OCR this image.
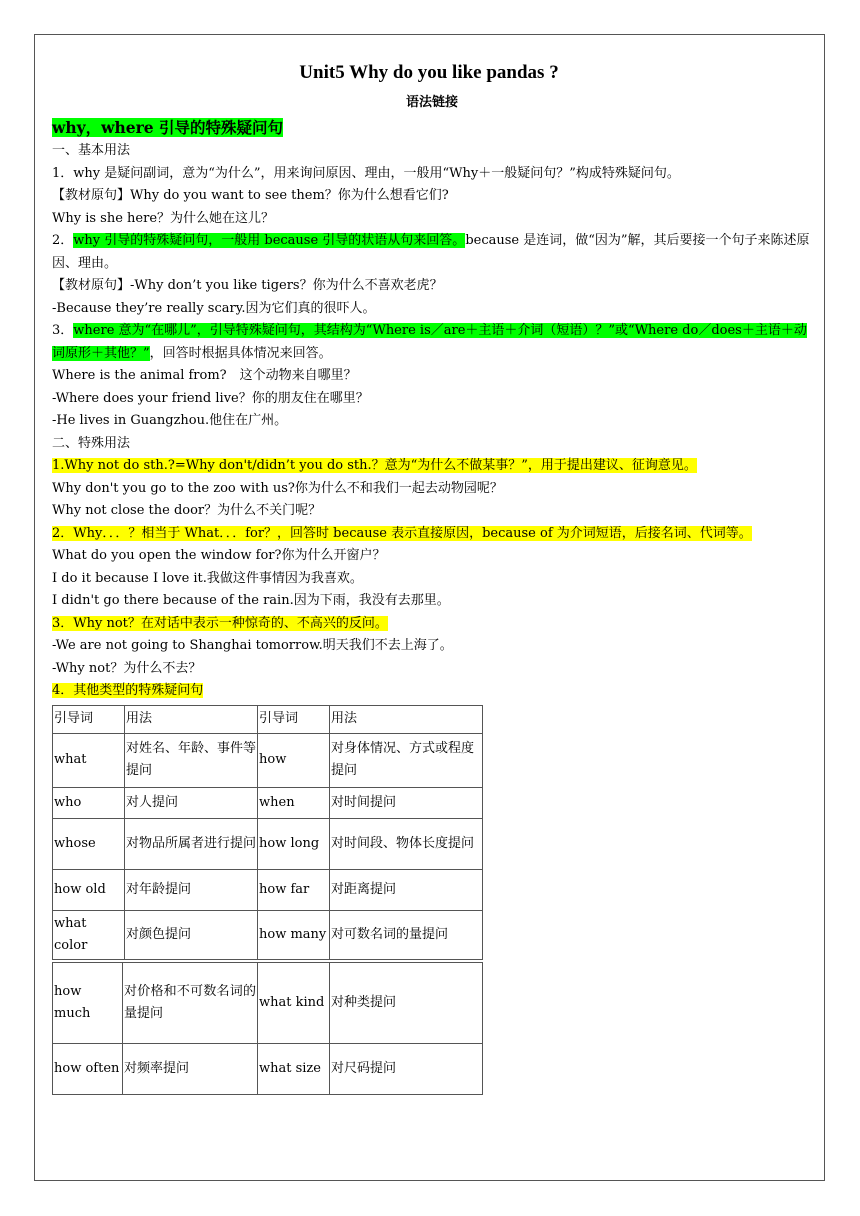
Unit5 Why do you like pandas ?
语法链接
why，where 引导的特殊疑问句
一、基本用法
1．why 是疑问副词，意为“为什么”，用来询问原因、理由，一般用“Why＋一般疑问句？”构成特殊疑问句。
【教材原句】Why do you want to see them？你为什么想看它们?
Why is she here？为什么她在这儿？
2．why 引导的特殊疑问句，一般用 because 引导的状语从句来回答。because 是连词，做“因为”解，其后要接一个句子来陈述原因、理由。
【教材原句】-Why don’t you like tigers？你为什么不喜欢老虎？
-Because they’re really scary.因为它们真的很吓人。
3．where 意为“在哪儿”，引导特殊疑问句，其结构为“Where is／are＋主语＋介词（短语）？”或“Where do／does＋主语＋动词原形＋其他？”，回答时根据具体情况来回答。
Where is the animal from?　这个动物来自哪里？
-Where does your friend live？你的朋友住在哪里？
-He lives in Guangzhou.他住在广州。
二、特殊用法
1.Why not do sth.?=Why don't/didn’t you do sth.？意为“为什么不做某事？”，用于提出建议、征询意见。
Why don't you go to the zoo with us?你为什么不和我们一起去动物园呢？
Why not close the door？为什么不关门呢？
2．Why．．．？相当于 What．．．for？，回答时 because 表示直接原因，because of 为介词短语，后接名词、代词等。
What do you open the window for?你为什么开窗户？
I do it because I love it.我做这件事情因为我喜欢。
I didn't go there because of the rain.因为下雨，我没有去那里。
3．Why not？在对话中表示一种惊奇的、不高兴的反问。
-We are not going to Shanghai tomorrow.明天我们不去上海了。
-Why not？为什么不去？
4．其他类型的特殊疑问句
引导词	用法	引导词	用法
what	对姓名、年龄、事件等提问	how	对身体情况、方式或程度提问
who	对人提问	when	对时间提问
whose	对物品所属者进行提问	how long	对时间段、物体长度提问
how old	对年龄提问	how far	对距离提问
what color	对颜色提问	how many	对可数名词的量提问
how much	对价格和不可数名词的量提问	what kind	对种类提问
how often	对频率提问	what size	对尺码提问
